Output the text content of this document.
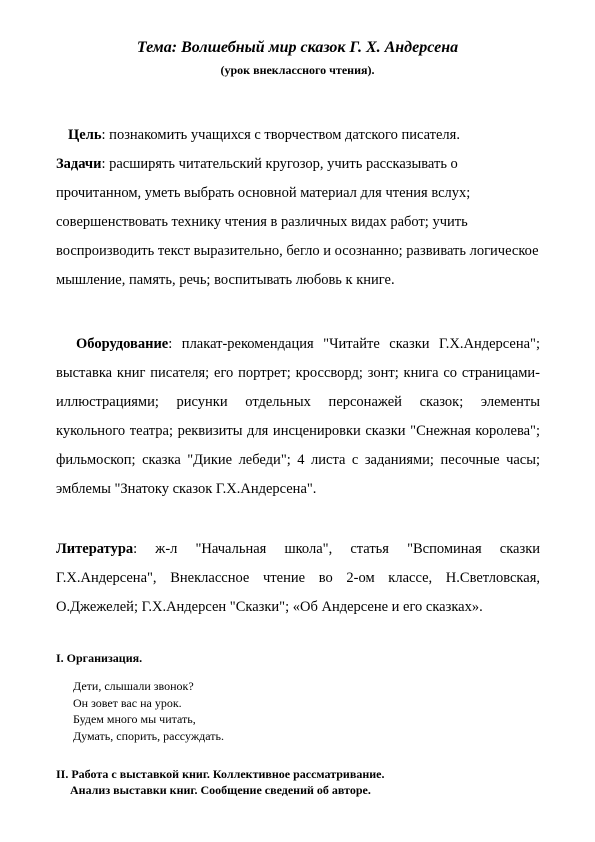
Тема: Волшебный мир сказок Г. Х. Андерсена
(урок внеклассного чтения).
Цель: познакомить учащихся с творчеством датского писателя.
Задачи: расширять читательский кругозор, учить рассказывать о прочитанном, уметь выбрать основной материал для чтения вслух; совершенствовать технику чтения в различных видах работ; учить воспроизводить текст выразительно, бегло и осознанно; развивать логическое мышление, память, речь; воспитывать любовь к книге.
Оборудование: плакат-рекомендация "Читайте сказки Г.Х.Андерсена"; выставка книг писателя; его портрет; кроссворд; зонт; книга со страницами-иллюстрациями; рисунки отдельных персонажей сказок; элементы кукольного театра; реквизиты для инсценировки сказки "Снежная королева"; фильмоскоп; сказка "Дикие лебеди"; 4 листа с заданиями; песочные часы; эмблемы "Знатоку сказок Г.Х.Андерсена".
Литература: ж-л "Начальная школа", статья "Вспоминая сказки Г.Х.Андерсена", Внеклассное чтение во 2-ом классе, Н.Светловская, О.Джежелей; Г.Х.Андерсен "Сказки"; «Об Андерсене и его сказках».
I. Организация.
Дети, слышали звонок?
Он зовет вас на урок.
Будем много мы читать,
Думать, спорить, рассуждать.
II. Работа с выставкой книг. Коллективное рассматривание.
Анализ выставки книг. Сообщение сведений об авторе.
